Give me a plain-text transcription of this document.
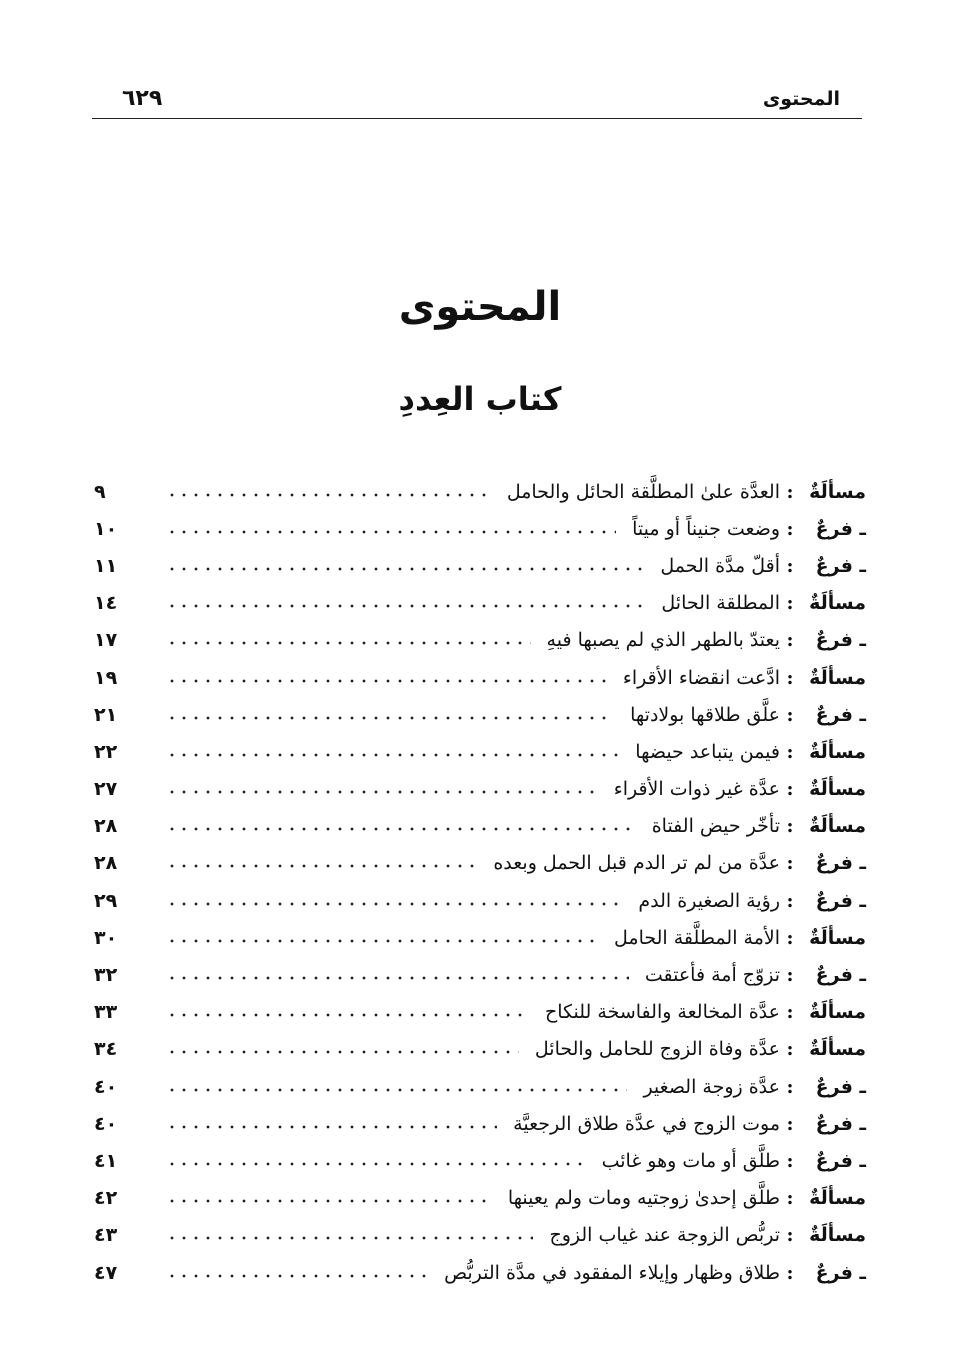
المحتوى
٦٢٩
المحتوى
كتاب العِددِ
مسألَةٌ
:
العدَّة علىٰ المطلَّقة الحائل والحامل
٩
ـ فرعٌ
:
وضعت جنيناً أو ميتاً
١٠
ـ فرعٌ
:
أقلّ مدَّة الحمل
١١
مسألَةٌ
:
المطلقة الحائل
١٤
ـ فرعٌ
:
يعتدّ بالطهر الذي لم يصبها فيهِ
١٧
مسألَةٌ
:
ادَّعت انقضاء الأقراء
١٩
ـ فرعٌ
:
علَّق طلاقها بولادتها
٢١
مسألَةٌ
:
فيمن يتباعد حيضها
٢٢
مسألَةٌ
:
عدَّة غير ذوات الأقراء
٢٧
مسألَةٌ
:
تأخّر حيض الفتاة
٢٨
ـ فرعٌ
:
عدَّة من لم تر الدم قبل الحمل وبعده
٢٨
ـ فرعٌ
:
رؤية الصغيرة الدم
٢٩
مسألَةٌ
:
الأمة المطلَّقة الحامل
٣٠
ـ فرعٌ
:
تزوّج أمة فأعتقت
٣٢
مسألَةٌ
:
عدَّة المخالعة والفاسخة للنكاح
٣٣
مسألَةٌ
:
عدَّة وفاة الزوج للحامل والحائل
٣٤
ـ فرعٌ
:
عدَّة زوجة الصغير
٤٠
ـ فرعٌ
:
موت الزوج في عدَّة طلاق الرجعيَّة
٤٠
ـ فرعٌ
:
طلَّق أو مات وهو غائب
٤١
مسألَةٌ
:
طلَّق إحدىٰ زوجتيه ومات ولم يعينها
٤٢
مسألَةٌ
:
تربُّص الزوجة عند غياب الزوج
٤٣
ـ فرعٌ
:
طلاق وظهار وإيلاء المفقود في مدَّة التربُّص
٤٧
